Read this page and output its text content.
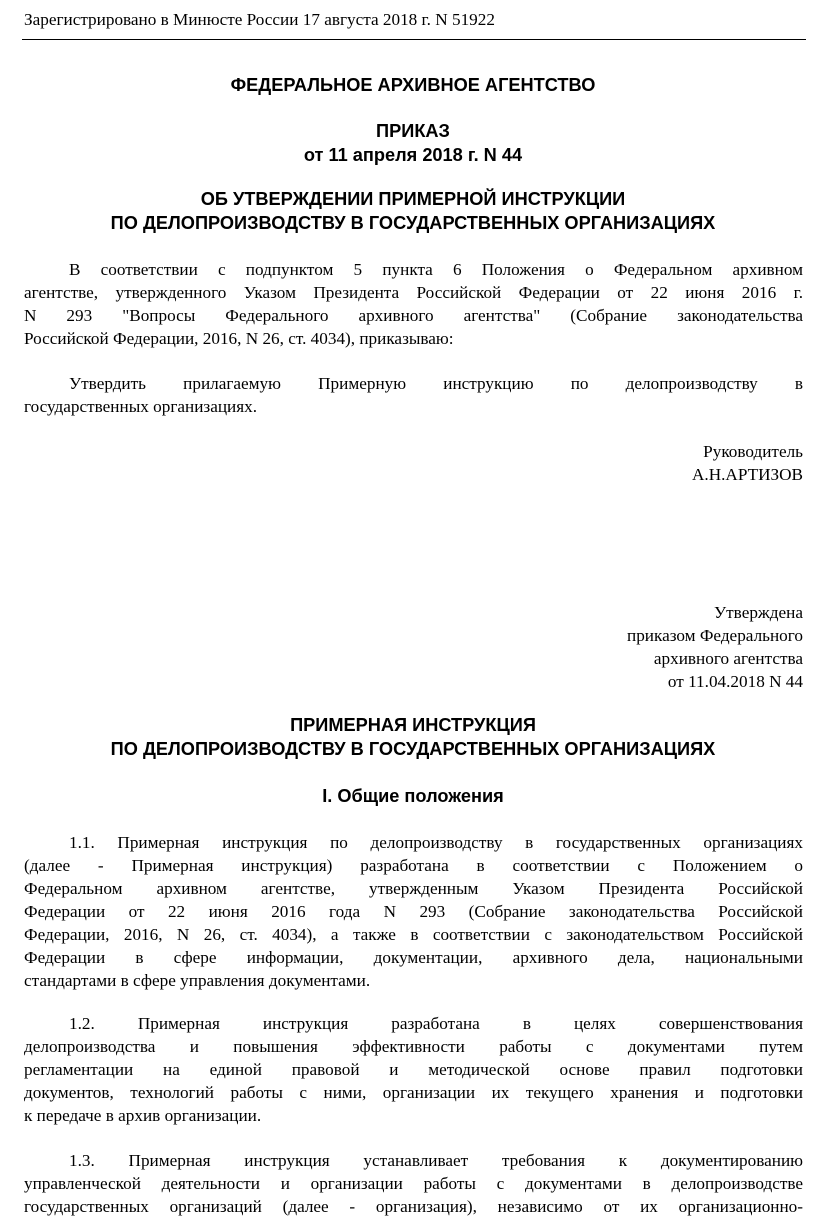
Зарегистрировано в Минюсте России 17 августа 2018 г. N 51922
ФЕДЕРАЛЬНОЕ АРХИВНОЕ АГЕНТСТВО
ПРИКАЗ
от 11 апреля 2018 г. N 44
ОБ УТВЕРЖДЕНИИ ПРИМЕРНОЙ ИНСТРУКЦИИ
ПО ДЕЛОПРОИЗВОДСТВУ В ГОСУДАРСТВЕННЫХ ОРГАНИЗАЦИЯХ
В соответствии с подпунктом 5 пункта 6 Положения о Федеральном архивном
агентстве, утвержденного Указом Президента Российской Федерации от 22 июня 2016 г.
N 293 "Вопросы Федерального архивного агентства" (Собрание законодательства
Российской Федерации, 2016, N 26, ст. 4034), приказываю:
Утвердить прилагаемую Примерную инструкцию по делопроизводству в
государственных организациях.
Руководитель
А.Н.АРТИЗОВ
Утверждена
приказом Федерального
архивного агентства
от 11.04.2018 N 44
ПРИМЕРНАЯ ИНСТРУКЦИЯ
ПО ДЕЛОПРОИЗВОДСТВУ В ГОСУДАРСТВЕННЫХ ОРГАНИЗАЦИЯХ
I. Общие положения
1.1. Примерная инструкция по делопроизводству в государственных организациях
(далее - Примерная инструкция) разработана в соответствии с Положением о
Федеральном архивном агентстве, утвержденным Указом Президента Российской
Федерации от 22 июня 2016 года N 293 (Собрание законодательства Российской
Федерации, 2016, N 26, ст. 4034), а также в соответствии с законодательством Российской
Федерации в сфере информации, документации, архивного дела, национальными
стандартами в сфере управления документами.
1.2. Примерная инструкция разработана в целях совершенствования
делопроизводства и повышения эффективности работы с документами путем
регламентации на единой правовой и методической основе правил подготовки
документов, технологий работы с ними, организации их текущего хранения и подготовки
к передаче в архив организации.
1.3. Примерная инструкция устанавливает требования к документированию
управленческой деятельности и организации работы с документами в делопроизводстве
государственных организаций (далее - организация), независимо от их организационно-
